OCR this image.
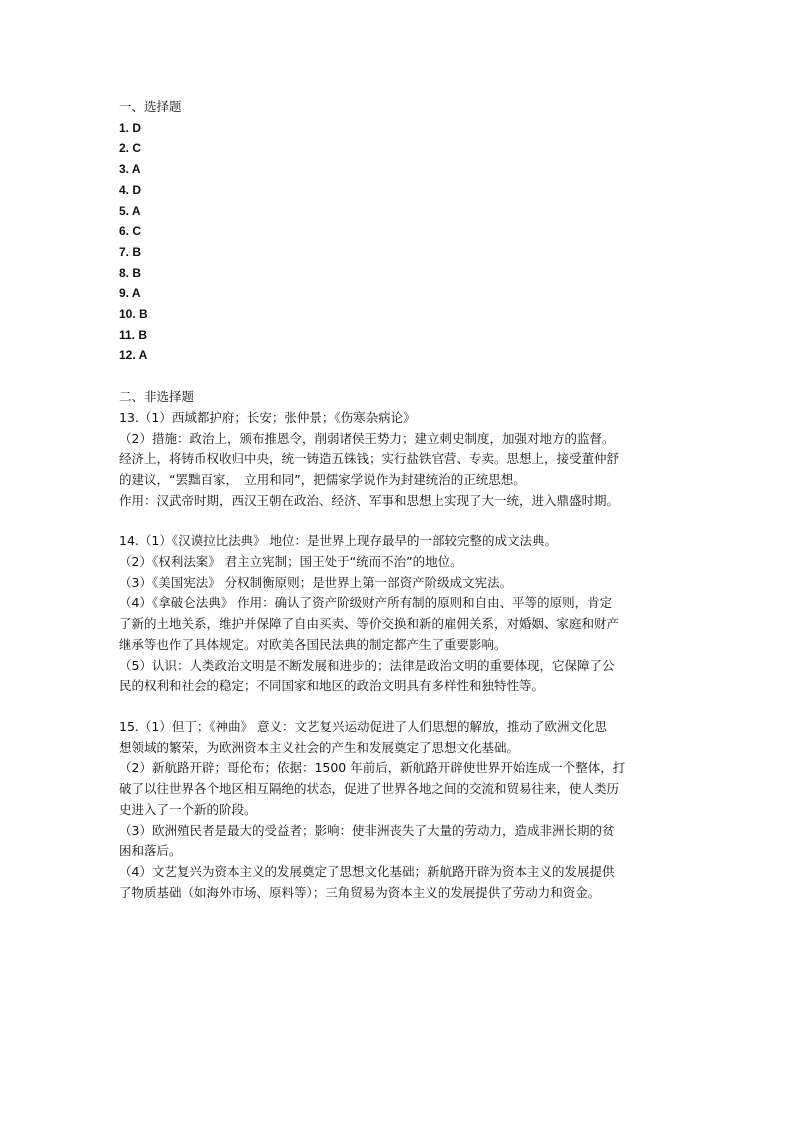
一、选择题
1. D
2. C
3. A
4. D
5. A
6. C
7. B
8. B
9. A
10. B
11. B
12. A
二、非选择题
13.（1）西域都护府；长安；张仲景；《伤寒杂病论》
（2）措施：政治上，颁布推恩令，削弱诸侯王势力；建立刺史制度，加强对地方的监督。
经济上，将铸币权收归中央，统一铸造五铢钱；实行盐铁官营、专卖。思想上，接受董仲舒
的建议，“罢黜百家，　立用和同”，把儒家学说作为封建统治的正统思想。
作用：汉武帝时期，西汉王朝在政治、经济、军事和思想上实现了大一统，进入鼎盛时期。
14.（1）《汉谟拉比法典》 地位：是世界上现存最早的一部较完整的成文法典。
（2）《权利法案》 君主立宪制；国王处于“统而不治”的地位。
（3）《美国宪法》 分权制衡原则；是世界上第一部资产阶级成文宪法。
（4）《拿破仑法典》 作用：确认了资产阶级财产所有制的原则和自由、平等的原则，肯定
了新的土地关系，维护并保障了自由买卖、等价交换和新的雇佣关系，对婚姻、家庭和财产
继承等也作了具体规定。对欧美各国民法典的制定都产生了重要影响。
（5）认识：人类政治文明是不断发展和进步的；法律是政治文明的重要体现，它保障了公
民的权利和社会的稳定；不同国家和地区的政治文明具有多样性和独特性等。
15.（1）但丁；《神曲》 意义：文艺复兴运动促进了人们思想的解放，推动了欧洲文化思
想领域的繁荣，为欧洲资本主义社会的产生和发展奠定了思想文化基础。
（2）新航路开辟；哥伦布；依据：1500 年前后，新航路开辟使世界开始连成一个整体，打
破了以往世界各个地区相互隔绝的状态，促进了世界各地之间的交流和贸易往来，使人类历
史进入了一个新的阶段。
（3）欧洲殖民者是最大的受益者；影响：使非洲丧失了大量的劳动力，造成非洲长期的贫
困和落后。
（4）文艺复兴为资本主义的发展奠定了思想文化基础；新航路开辟为资本主义的发展提供
了物质基础（如海外市场、原料等）；三角贸易为资本主义的发展提供了劳动力和资金。
